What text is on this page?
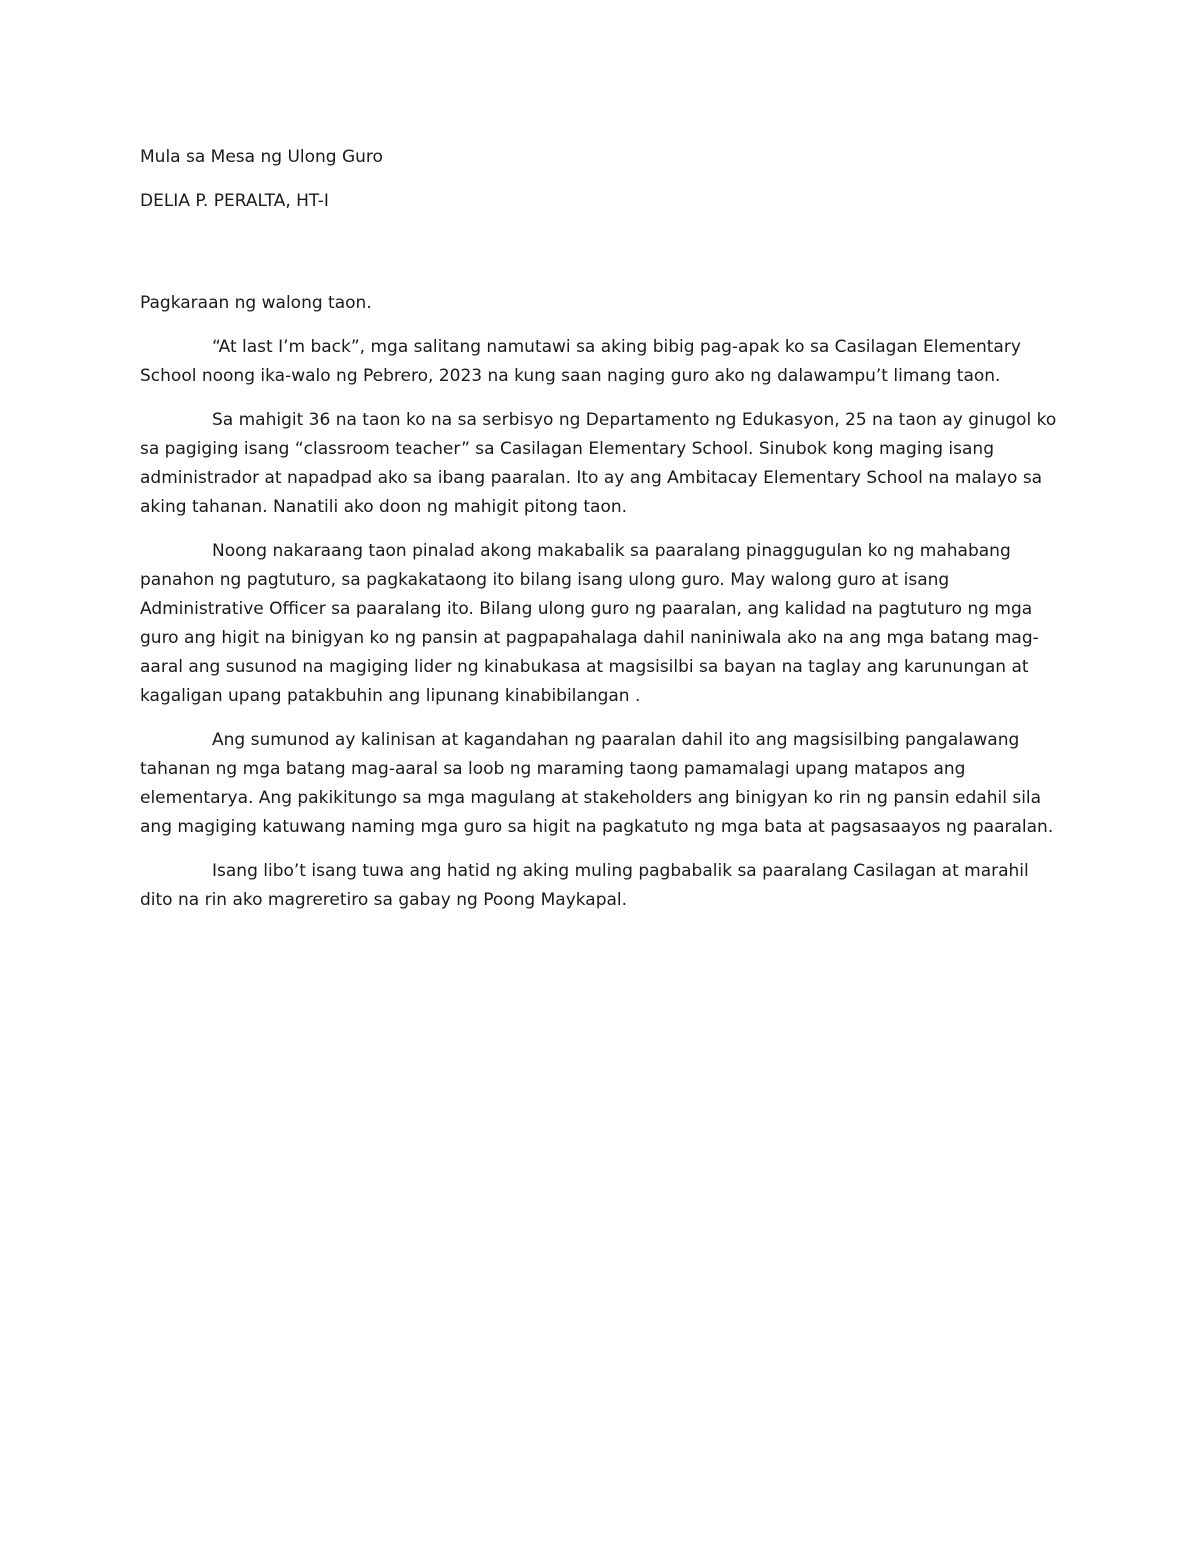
Mula sa Mesa ng Ulong Guro

DELIA P. PERALTA, HT-I

Pagkaraan ng walong taon.

“At last I’m back”, mga salitang namutawi sa aking bibig pag-apak ko sa Casilagan Elementary School noong ika-walo ng Pebrero, 2023 na kung saan naging guro ako ng dalawampu’t limang taon.

Sa mahigit 36 na taon ko na sa serbisyo ng Departamento ng Edukasyon, 25 na taon ay ginugol ko sa pagiging isang “classroom teacher” sa Casilagan Elementary School. Sinubok kong maging isang administrador at napadpad ako sa ibang paaralan. Ito ay ang Ambitacay Elementary School na malayo sa aking tahanan. Nanatili ako doon ng mahigit pitong taon.

Noong nakaraang taon pinalad akong makabalik sa paaralang pinaggugulan ko ng mahabang panahon ng pagtuturo, sa pagkakataong ito bilang isang ulong guro. May walong guro at isang Administrative Officer sa paaralang ito. Bilang ulong guro ng paaralan, ang kalidad na pagtuturo ng mga guro ang higit na binigyan ko ng pansin at pagpapahalaga dahil naniniwala ako na ang mga batang mag-aaral ang susunod na magiging lider ng kinabukasa at magsisilbi sa bayan na taglay ang karunungan at kagaligan upang patakbuhin ang lipunang kinabibilangan .

Ang sumunod ay kalinisan at kagandahan ng paaralan dahil ito ang magsisilbing pangalawang tahanan ng mga batang mag-aaral sa loob ng maraming taong pamamalagi upang matapos ang elementarya. Ang pakikitungo sa mga magulang at stakeholders ang binigyan ko rin ng pansin edahil sila ang magiging katuwang naming mga guro sa higit na pagkatuto ng mga bata at pagsasaayos ng paaralan.

Isang libo’t isang tuwa ang hatid ng aking muling pagbabalik sa paaralang Casilagan at marahil dito na rin ako magreretiro sa gabay ng Poong Maykapal.
